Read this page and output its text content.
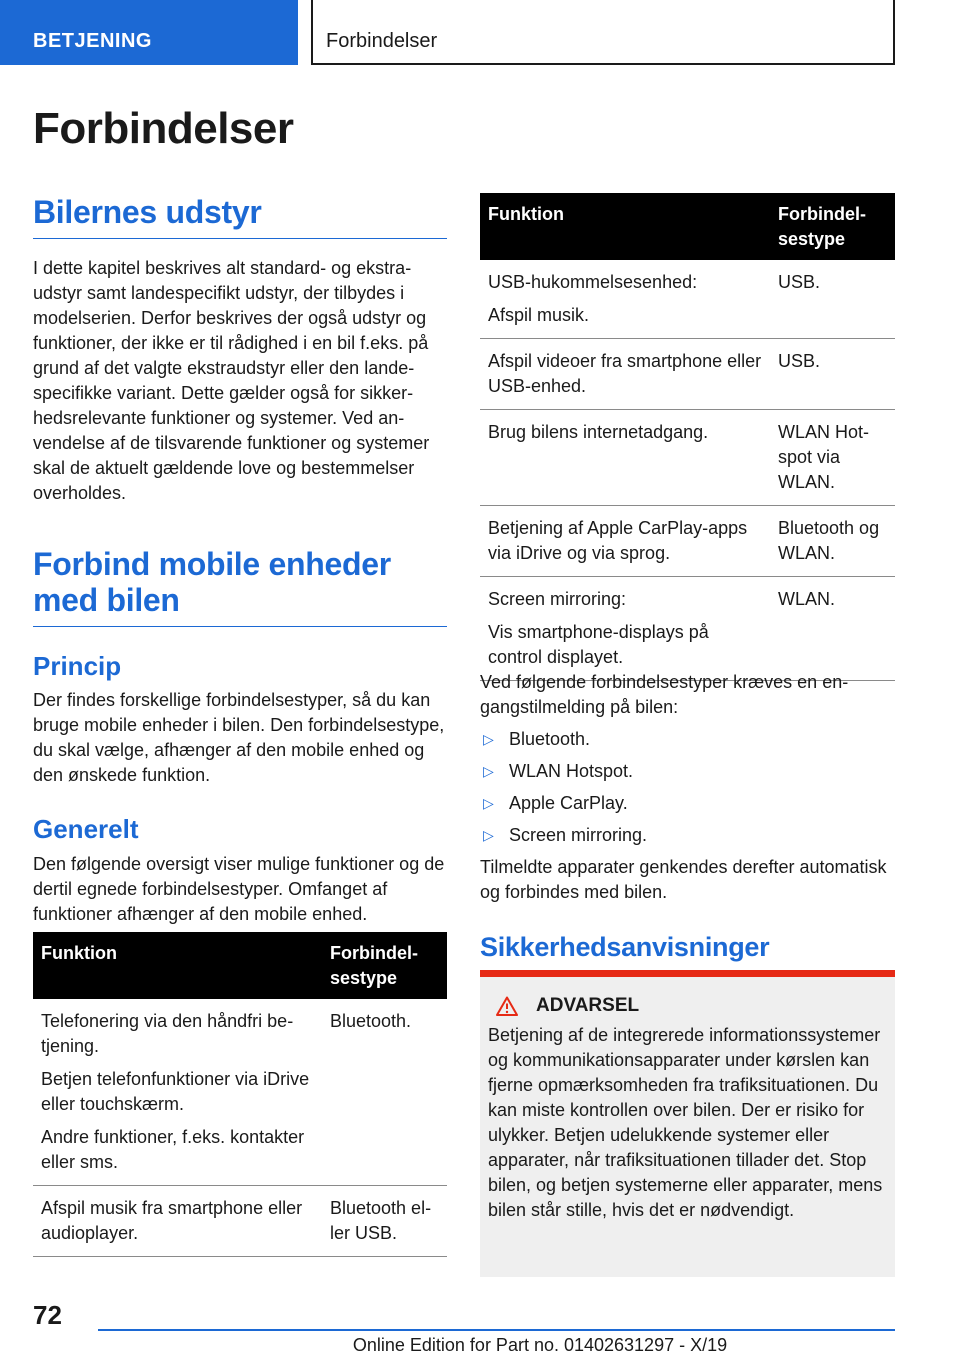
BETJENING	Forbindelser
Forbindelser
Bilernes udstyr

I dette kapitel beskrives alt standard- og ekstraudstyr samt landespecifikt udstyr, der tilbydes i modelserien. Derfor beskrives der også udstyr og funktioner, der ikke er til rådighed i en bil f.eks. på grund af det valgte ekstraudstyr eller den landespecifikke variant. Dette gælder også for sikkerhedsrelevante funktioner og systemer. Ved anvendelse af de tilsvarende funktioner og systemer skal de aktuelt gældende love og bestemmelser overholdes.

Forbind mobile enheder med bilen
Princip

Der findes forskellige forbindelsestyper, så du kan bruge mobile enheder i bilen. Den forbindelsestype, du skal vælge, afhænger af den mobile enhed og den ønskede funktion.

Generelt

Den følgende oversigt viser mulige funktioner og de dertil egnede forbindelsestyper. Omfanget af funktioner afhænger af den mobile enhed.

Funktion	Forbindelsestype

Telefonering via den håndfri betjening.

Betjen telefonfunktioner via iDrive eller touchskærm.

Andre funktioner, f.eks. kontakter eller sms.	Bluetooth.

Afspil musik fra smartphone eller audioplayer.	Bluetooth eller USB.
Funktion	Forbindelsestype

USB-hukommelsesenhed:

Afspil musik.	USB.

Afspil videoer fra smartphone eller USB-enhed.	USB.

Brug bilens internetadgang.	WLAN Hotspot via WLAN.

Betjening af Apple CarPlay-apps via iDrive og via sprog.	Bluetooth og WLAN.

Screen mirroring:

Vis smartphone-displays på control displayet.	WLAN.

Ved følgende forbindelsestyper kræves en engangstilmelding på bilen:

▷ Bluetooth.
▷ WLAN Hotspot.
▷ Apple CarPlay.
▷ Screen mirroring.

Tilmeldte apparater genkendes derefter automatisk og forbindes med bilen.

Sikkerhedsanvisninger
ADVARSEL

Betjening af de integrerede informationssystemer og kommunikationsapparater under kørslen kan fjerne opmærksomheden fra trafiksituationen. Du kan miste kontrollen over bilen. Der er risiko for ulykker. Betjen udelukkende systemer eller apparater, når trafiksituationen tillader det. Stop bilen, og betjen systemerne eller apparater, mens bilen står stille, hvis det er nødvendigt.

72
Online Edition for Part no. 01402631297 - X/19
